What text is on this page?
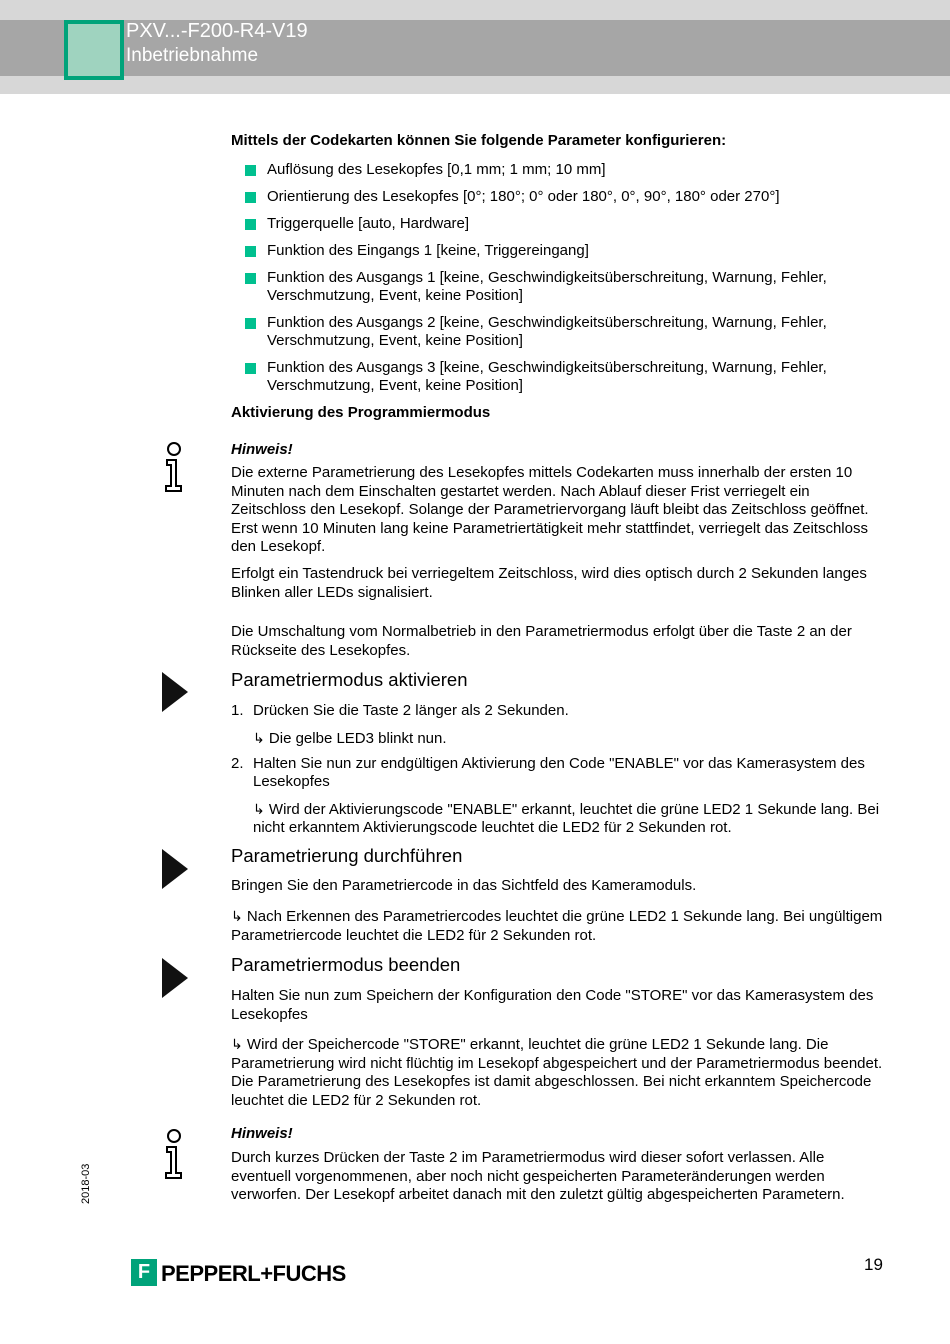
PXV...-F200-R4-V19
Inbetriebnahme
Mittels der Codekarten können Sie folgende Parameter konfigurieren:
Auflösung des Lesekopfes [0,1 mm; 1 mm; 10 mm]
Orientierung des Lesekopfes [0°; 180°; 0° oder 180°, 0°, 90°, 180° oder 270°]
Triggerquelle [auto, Hardware]
Funktion des Eingangs 1 [keine, Triggereingang]
Funktion des Ausgangs 1 [keine, Geschwindigkeitsüberschreitung, Warnung, Fehler, Verschmutzung, Event, keine Position]
Funktion des Ausgangs 2 [keine, Geschwindigkeitsüberschreitung, Warnung, Fehler, Verschmutzung, Event, keine Position]
Funktion des Ausgangs 3 [keine, Geschwindigkeitsüberschreitung, Warnung, Fehler, Verschmutzung, Event, keine Position]
Aktivierung des Programmiermodus
Hinweis!
Die externe Parametrierung des Lesekopfes mittels Codekarten muss innerhalb der ersten 10 Minuten nach dem Einschalten gestartet werden. Nach Ablauf dieser Frist verriegelt ein Zeitschloss den Lesekopf. Solange der Parametriervorgang läuft bleibt das Zeitschloss geöffnet. Erst wenn 10 Minuten lang keine Parametriertätigkeit mehr stattfindet, verriegelt das Zeitschloss den Lesekopf.
Erfolgt ein Tastendruck bei verriegeltem Zeitschloss, wird dies optisch durch 2 Sekunden langes Blinken aller LEDs signalisiert.
Die Umschaltung vom Normalbetrieb in den Parametriermodus erfolgt über die Taste 2 an der Rückseite des Lesekopfes.
Parametriermodus aktivieren
1. Drücken Sie die Taste 2 länger als 2 Sekunden.
↳ Die gelbe LED3 blinkt nun.
2. Halten Sie nun zur endgültigen Aktivierung den Code "ENABLE" vor das Kamerasystem des Lesekopfes
↳ Wird der Aktivierungscode "ENABLE" erkannt, leuchtet die grüne LED2 1 Sekunde lang. Bei nicht erkanntem Aktivierungscode leuchtet die LED2 für 2 Sekunden rot.
Parametrierung durchführen
Bringen Sie den Parametriercode in das Sichtfeld des Kameramoduls.
↳ Nach Erkennen des Parametriercodes leuchtet die grüne LED2 1 Sekunde lang. Bei ungültigem Parametriercode leuchtet die LED2 für 2 Sekunden rot.
Parametriermodus beenden
Halten Sie nun zum Speichern der Konfiguration den Code "STORE" vor das Kamerasystem des Lesekopfes
↳ Wird der Speichercode "STORE" erkannt, leuchtet die grüne LED2 1 Sekunde lang. Die Parametrierung wird nicht flüchtig im Lesekopf abgespeichert und der Parametriermodus beendet. Die Parametrierung des Lesekopfes ist damit abgeschlossen. Bei nicht erkanntem Speichercode leuchtet die LED2 für 2 Sekunden rot.
Hinweis!
Durch kurzes Drücken der Taste 2 im Parametriermodus wird dieser sofort verlassen. Alle eventuell vorgenommenen, aber noch nicht gespeicherten Parameteränderungen werden verworfen. Der Lesekopf arbeitet danach mit den zuletzt gültig abgespeicherten Parametern.
2018-03
F PEPPERL+FUCHS	19
